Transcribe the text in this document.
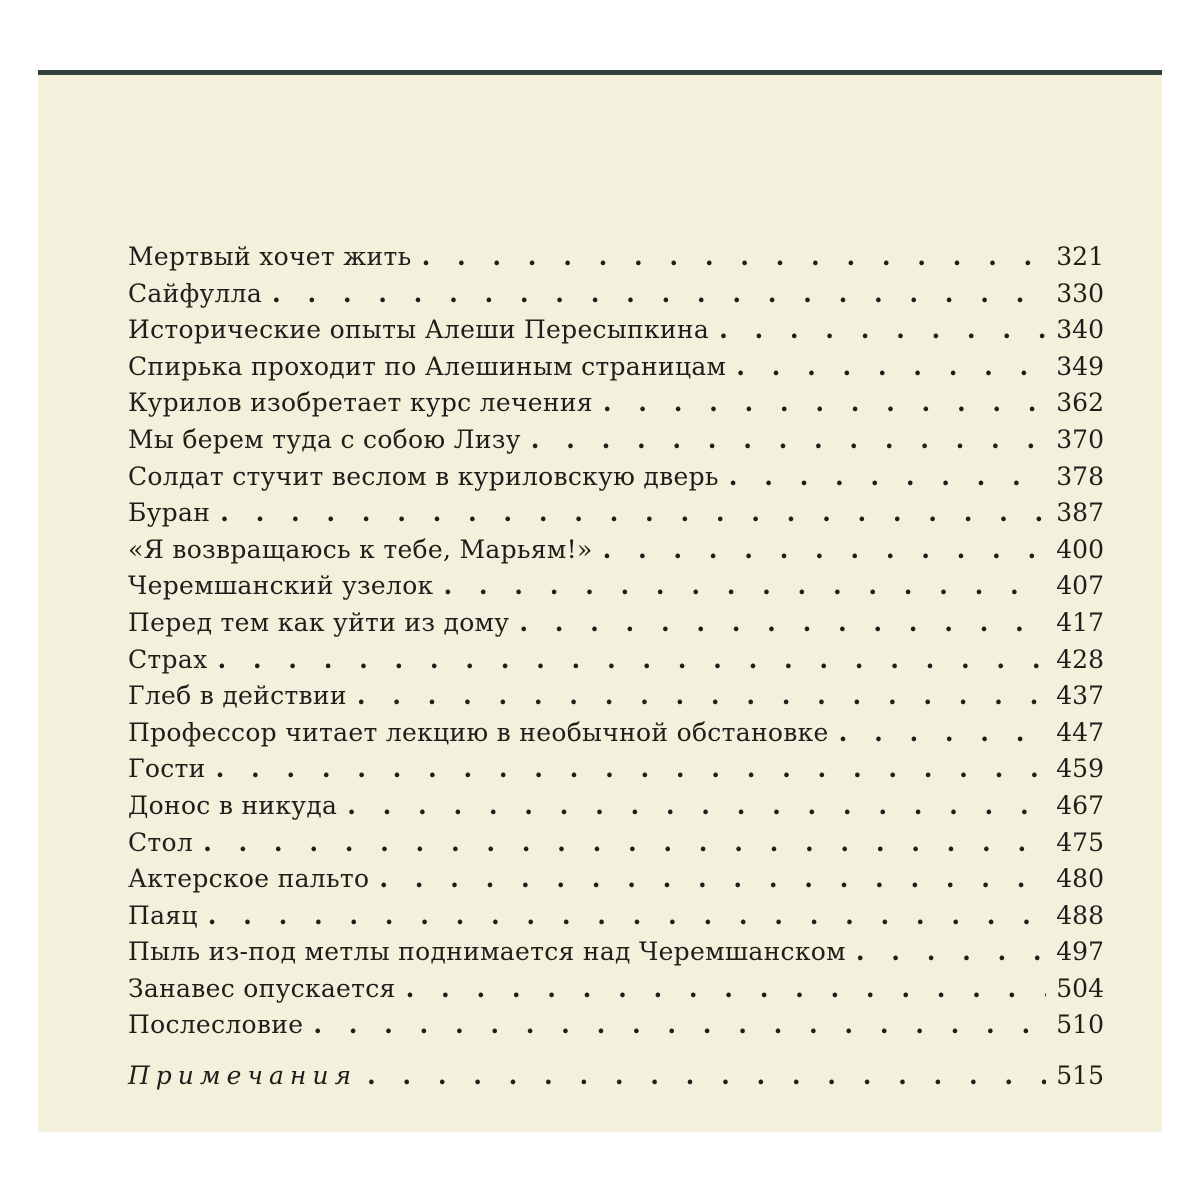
Мертвый хочет жить . . .	321
Сайфулла . . .	330
Исторические опыты Алеши Пересыпкина . . .	340
Спирька проходит по Алешиным страницам . . .	349
Курилов изобретает курс лечения . . .	362
Мы берем туда с собою Лизу . . .	370
Солдат стучит веслом в куриловскую дверь . . .	378
Буран . . .	387
«Я возвращаюсь к тебе, Марьям!» . . .	400
Черемшанский узелок . . .	407
Перед тем как уйти из дому . . .	417
Страх . . .	428
Глеб в действии . . .	437
Профессор читает лекцию в необычной обстановке . . .	447
Гости . . .	459
Донос в никуда . . .	467
Стол . . .	475
Актерское пальто . . .	480
Паяц . . .	488
Пыль из-под метлы поднимается над Черемшанском . . .	497
Занавес опускается . . .	504
Послесловие . . .	510
Примечания . . .	515
